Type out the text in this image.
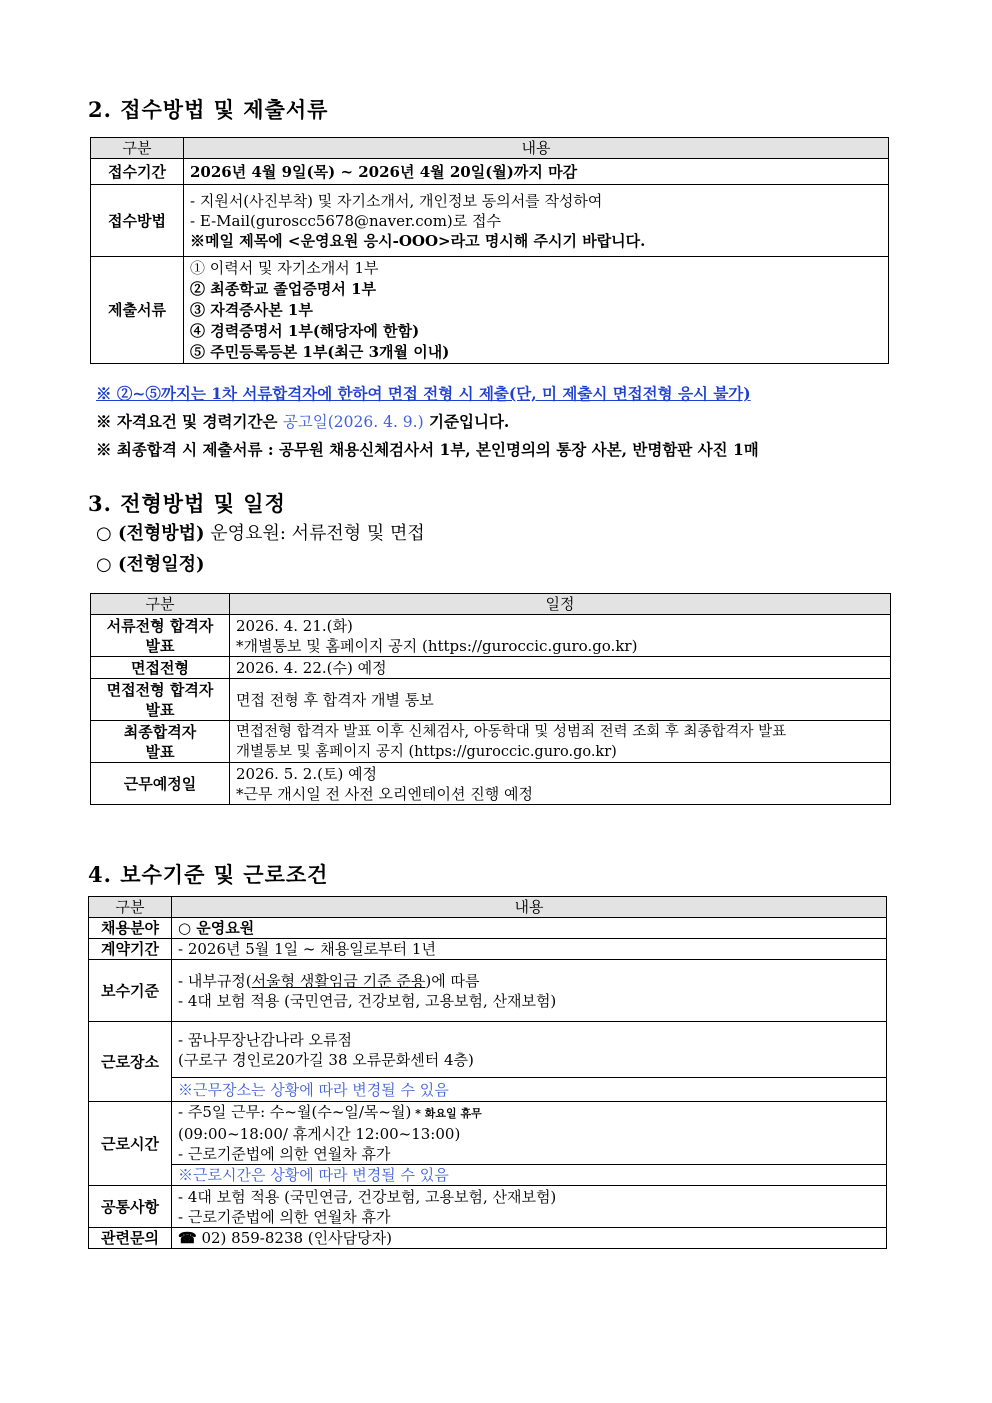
2. 접수방법 및 제출서류
구분	내용
접수기간	2026년 4월 9일(목) ~ 2026년 4월 20일(월)까지 마감
접수방법	- 지원서(사진부착) 및 자기소개서, 개인정보 동의서를 작성하여
- E-Mail(guroscc5678@naver.com)로 접수
※메일 제목에 <운영요원 응시-OOO>라고 명시해 주시기 바랍니다.

제출서류	① 이력서 및 자기소개서 1부
② 최종학교 졸업증명서 1부
③ 자격증사본 1부
④ 경력증명서 1부(해당자에 한함)
⑤ 주민등록등본 1부(최근 3개월 이내)
※ ②~⑤까지는 1차 서류합격자에 한하여 면접 전형 시 제출(단, 미 제출시 면접전형 응시 불가)
※ 자격요건 및 경력기간은 공고일(2026. 4. 9.) 기준입니다.
※ 최종합격 시 제출서류 : 공무원 채용신체검사서 1부, 본인명의의 통장 사본, 반명함판 사진 1매
3. 전형방법 및 일정
○ (전형방법) 운영요원: 서류전형 및 면접
○ (전형일정)
구분	일정

서류전형 합격자
발표	2026. 4. 21.(화)
*개별통보 및 홈페이지 공지 (https://guroccic.guro.go.kr)

면접전형	2026. 4. 22.(수) 예정

면접전형 합격자
발표	면접 전형 후 합격자 개별 통보

최종합격자
발표	면접전형 합격자 발표 이후 신체검사, 아동학대 및 성범죄 전력 조회 후 최종합격자 발표
개별통보 및 홈페이지 공지 (https://guroccic.guro.go.kr)

근무예정일	2026. 5. 2.(토) 예정
*근무 개시일 전 사전 오리엔테이션 진행 예정
4. 보수기준 및 근로조건
구분	내용
채용분야	○ 운영요원
계약기간	- 2026년 5월 1일 ~ 채용일로부터 1년
보수기준	- 내부규정(서울형 생활임금 기준 준용)에 따름
- 4대 보험 적용 (국민연금, 건강보험, 고용보험, 산재보험)

근로장소	- 꿈나무장난감나라 오류점
(구로구 경인로20가길 38 오류문화센터 4층)

	※근무장소는 상황에 따라 변경될 수 있음
근로시간	- 주5일 근무: 수~월(수~일/목~월) * 화요일 휴무
(09:00~18:00/ 휴게시간 12:00~13:00)
- 근로기준법에 의한 연월차 휴가

	※근로시간은 상황에 따라 변경될 수 있음
공통사항	- 4대 보험 적용 (국민연금, 건강보험, 고용보험, 산재보험)
- 근로기준법에 의한 연월차 휴가

관련문의	☎ 02) 859-8238 (인사담당자)
